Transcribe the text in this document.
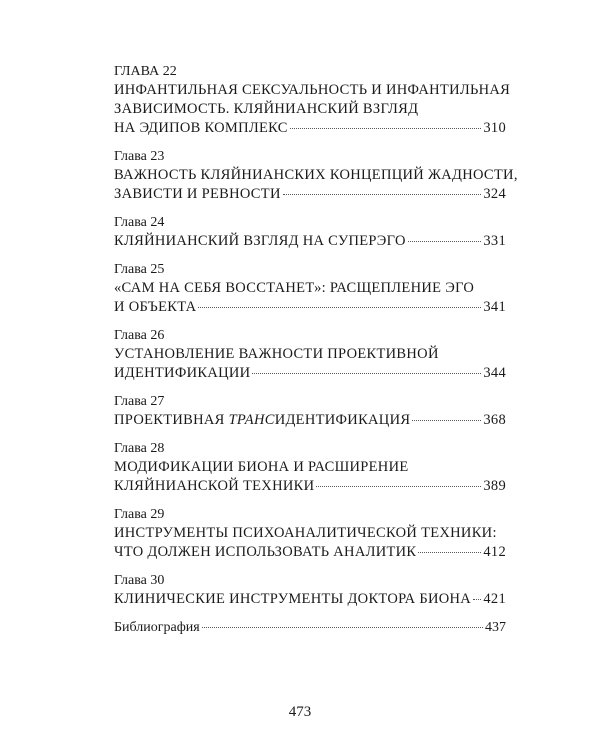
ГЛАВА 22
ИНФАНТИЛЬНАЯ СЕКСУАЛЬНОСТЬ И ИНФАНТИЛЬНАЯ
ЗАВИСИМОСТЬ. КЛЯЙНИАНСКИЙ ВЗГЛЯД
НА ЭДИПОВ КОМПЛЕКС	310
Глава 23
ВАЖНОСТЬ КЛЯЙНИАНСКИХ КОНЦЕПЦИЙ ЖАДНОСТИ,
ЗАВИСТИ И РЕВНОСТИ	324
Глава 24
КЛЯЙНИАНСКИЙ ВЗГЛЯД НА СУПЕРЭГО	331
Глава 25
«САМ НА СЕБЯ ВОССТАНЕТ»: РАСЩЕПЛЕНИЕ ЭГО
И ОБЪЕКТА	341
Глава 26
УСТАНОВЛЕНИЕ ВАЖНОСТИ ПРОЕКТИВНОЙ
ИДЕНТИФИКАЦИИ	344
Глава 27
ПРОЕКТИВНАЯ ТРАНСИДЕНТИФИКАЦИЯ	368
Глава 28
МОДИФИКАЦИИ БИОНА И РАСШИРЕНИЕ
КЛЯЙНИАНСКОЙ ТЕХНИКИ	389
Глава 29
ИНСТРУМЕНТЫ ПСИХОАНАЛИТИЧЕСКОЙ ТЕХНИКИ:
ЧТО ДОЛЖЕН ИСПОЛЬЗОВАТЬ АНАЛИТИК	412
Глава 30
КЛИНИЧЕСКИЕ ИНСТРУМЕНТЫ ДОКТОРА БИОНА 421
Библиография	437
473
